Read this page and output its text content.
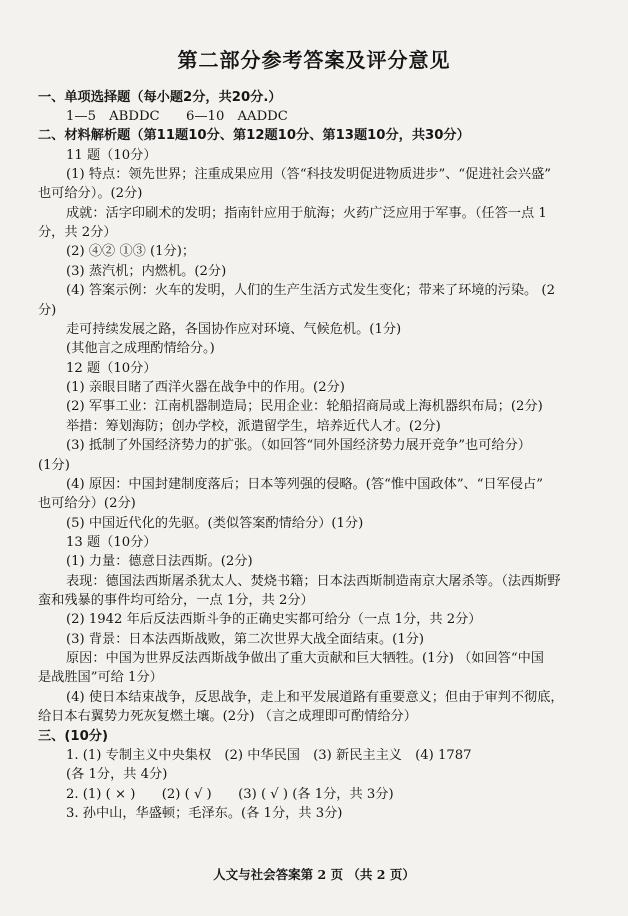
第二部分参考答案及评分意见
一、单项选择题（每小题2分，共20分.）
1—5　ABDDC　　6—10　AADDC
二、材料解析题（第11题10分、第12题10分、第13题10分，共30分）
11 题（10分）
(1) 特点：领先世界；注重成果应用（答“科技发明促进物质进步”、“促进社会兴盛”
也可给分）。(2分)
成就：活字印刷术的发明；指南针应用于航海；火药广泛应用于军事。（任答一点 1
分，共 2分）
(2) ④② ①③ (1分)；
(3) 蒸汽机；内燃机。(2分)
(4) 答案示例：火车的发明，人们的生产生活方式发生变化；带来了环境的污染。 (2
分)
走可持续发展之路，各国协作应对环境、气候危机。(1分)
(其他言之成理酌情给分。)
12 题（10分）
(1) 亲眼目睹了西洋火器在战争中的作用。(2分)
(2) 军事工业：江南机器制造局；民用企业：轮船招商局或上海机器织布局；(2分)
举措：筹划海防；创办学校，派遣留学生，培养近代人才。(2分)
(3) 抵制了外国经济势力的扩张。（如回答“同外国经济势力展开竞争”也可给分）
(1分)
(4) 原因：中国封建制度落后；日本等列强的侵略。(答“惟中国政体”、“日军侵占”
也可给分）(2分)
(5) 中国近代化的先驱。(类似答案酌情给分）(1分)
13 题（10分）
(1) 力量：德意日法西斯。(2分)
表现：德国法西斯屠杀犹太人、焚烧书籍；日本法西斯制造南京大屠杀等。（法西斯野
蛮和残暴的事件均可给分，一点 1分，共 2分）
(2) 1942 年后反法西斯斗争的正确史实都可给分（一点 1分，共 2分）
(3) 背景：日本法西斯战败，第二次世界大战全面结束。(1分)
原因：中国为世界反法西斯战争做出了重大贡献和巨大牺牲。(1分) （如回答“中国
是战胜国”可给 1分）
(4) 使日本结束战争，反思战争，走上和平发展道路有重要意义；但由于审判不彻底，
给日本右翼势力死灰复燃土壤。(2分) （言之成理即可酌情给分）
三、(10分)
1. (1) 专制主义中央集权　(2) 中华民国　(3) 新民主主义　(4) 1787
(各 1分，共 4分)
2. (1) ( × )　　(2) ( √ )　　(3) ( √ ) (各 1分，共 3分)
3. 孙中山，华盛顿；毛泽东。(各 1分，共 3分)
人文与社会答案第 2 页 （共 2 页）
